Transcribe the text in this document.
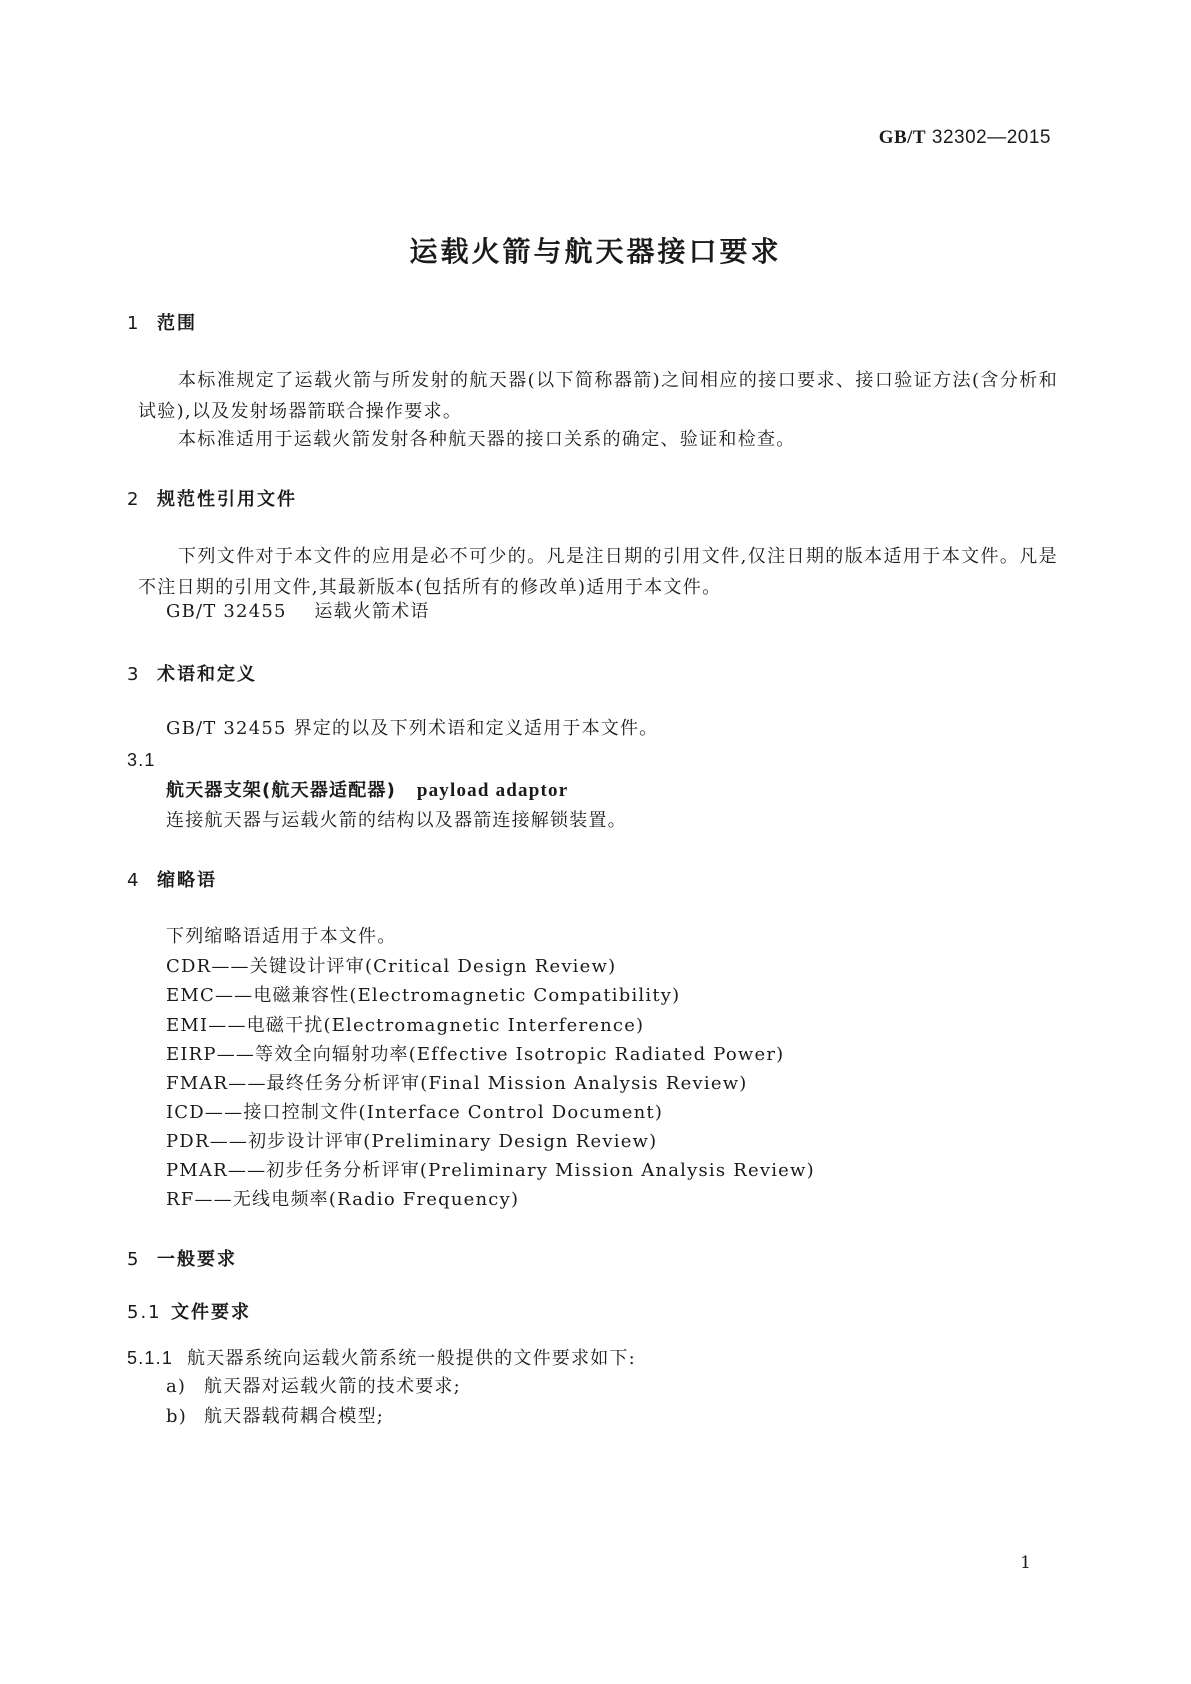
GB/T 32302—2015
运载火箭与航天器接口要求
1 范围
本标准规定了运载火箭与所发射的航天器(以下简称器箭)之间相应的接口要求、接口验证方法(含分析和试验),以及发射场器箭联合操作要求。
本标准适用于运载火箭发射各种航天器的接口关系的确定、验证和检查。
2 规范性引用文件
下列文件对于本文件的应用是必不可少的。凡是注日期的引用文件,仅注日期的版本适用于本文件。凡是不注日期的引用文件,其最新版本(包括所有的修改单)适用于本文件。
GB/T 32455 运载火箭术语
3 术语和定义
GB/T 32455 界定的以及下列术语和定义适用于本文件。
3.1
航天器支架(航天器适配器) payload adaptor
连接航天器与运载火箭的结构以及器箭连接解锁装置。
4 缩略语
下列缩略语适用于本文件。
CDR——关键设计评审(Critical Design Review)
EMC——电磁兼容性(Electromagnetic Compatibility)
EMI——电磁干扰(Electromagnetic Interference)
EIRP——等效全向辐射功率(Effective Isotropic Radiated Power)
FMAR——最终任务分析评审(Final Mission Analysis Review)
ICD——接口控制文件(Interface Control Document)
PDR——初步设计评审(Preliminary Design Review)
PMAR——初步任务分析评审(Preliminary Mission Analysis Review)
RF——无线电频率(Radio Frequency)
5 一般要求
5.1 文件要求
5.1.1 航天器系统向运载火箭系统一般提供的文件要求如下:
a) 航天器对运载火箭的技术要求;
b) 航天器载荷耦合模型;
1
